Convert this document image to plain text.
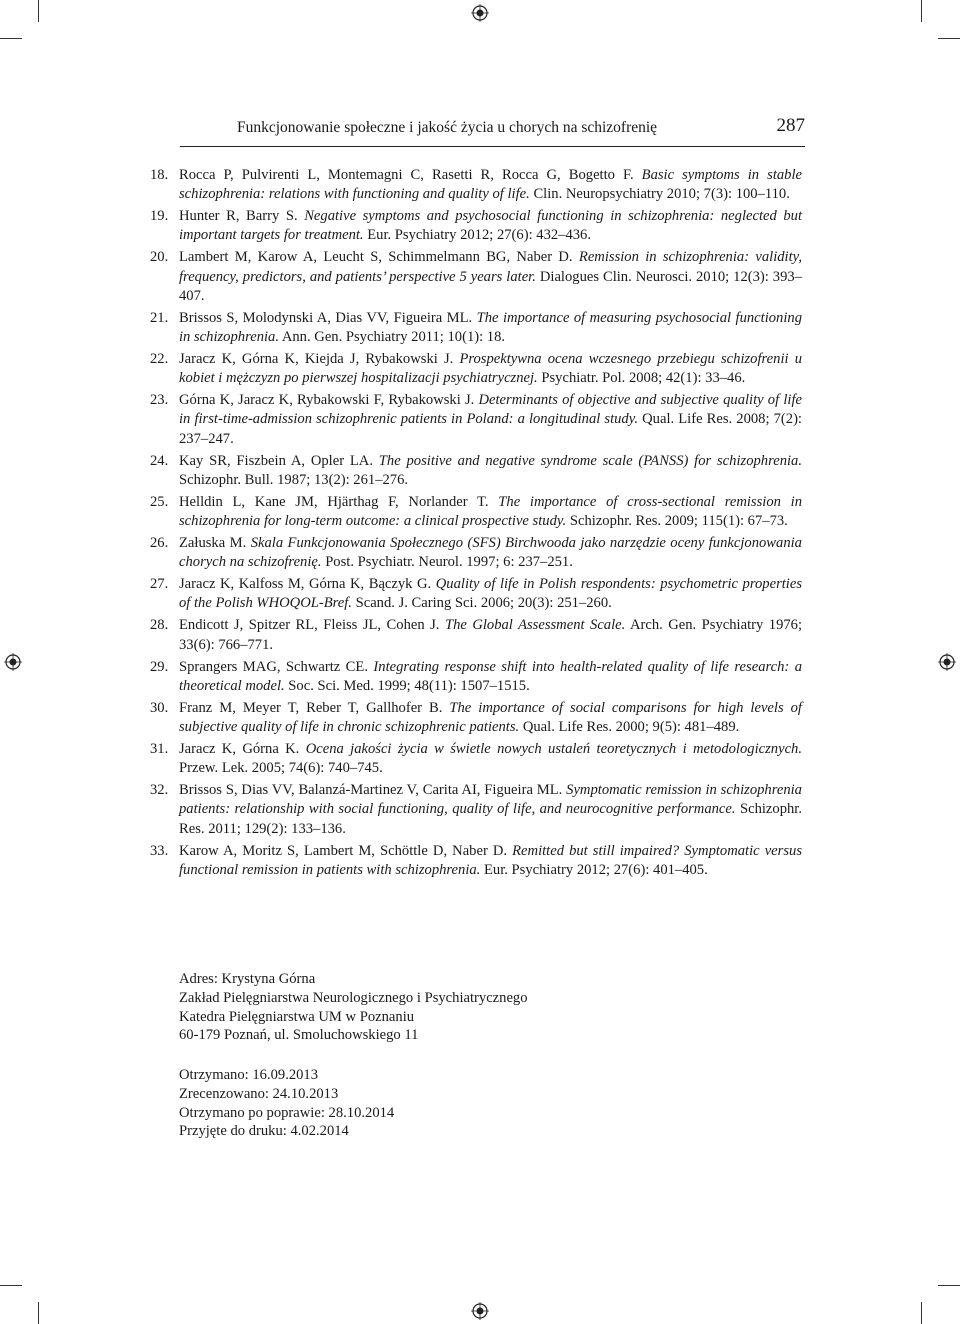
Funkcjonowanie społeczne i jakość życia u chorych na schizofrenię	287
18. Rocca P, Pulvirenti L, Montemagni C, Rasetti R, Rocca G, Bogetto F. Basic symptoms in stable schizophrenia: relations with functioning and quality of life. Clin. Neuropsychiatry 2010; 7(3): 100–110.
19. Hunter R, Barry S. Negative symptoms and psychosocial functioning in schizophrenia: neglected but important targets for treatment. Eur. Psychiatry 2012; 27(6): 432–436.
20. Lambert M, Karow A, Leucht S, Schimmelmann BG, Naber D. Remission in schizophrenia: validity, frequency, predictors, and patients’ perspective 5 years later. Dialogues Clin. Neurosci. 2010; 12(3): 393–407.
21. Brissos S, Molodynski A, Dias VV, Figueira ML. The importance of measuring psychosocial functioning in schizophrenia. Ann. Gen. Psychiatry 2011; 10(1): 18.
22. Jaracz K, Górna K, Kiejda J, Rybakowski J. Prospektywna ocena wczesnego przebiegu schizofrenii u kobiet i mężczyzn po pierwszej hospitalizacji psychiatrycznej. Psychiatr. Pol. 2008; 42(1): 33–46.
23. Górna K, Jaracz K, Rybakowski F, Rybakowski J. Determinants of objective and subjective quality of life in first-time-admission schizophrenic patients in Poland: a longitudinal study. Qual. Life Res. 2008; 7(2): 237–247.
24. Kay SR, Fiszbein A, Opler LA. The positive and negative syndrome scale (PANSS) for schizophrenia. Schizophr. Bull. 1987; 13(2): 261–276.
25. Helldin L, Kane JM, Hjärthag F, Norlander T. The importance of cross-sectional remission in schizophrenia for long-term outcome: a clinical prospective study. Schizophr. Res. 2009; 115(1): 67–73.
26. Załuska M. Skala Funkcjonowania Społecznego (SFS) Birchwooda jako narzędzie oceny funkcjonowania chorych na schizofrenię. Post. Psychiatr. Neurol. 1997; 6: 237–251.
27. Jaracz K, Kalfoss M, Górna K, Bączyk G. Quality of life in Polish respondents: psychometric properties of the Polish WHOQOL-Bref. Scand. J. Caring Sci. 2006; 20(3): 251–260.
28. Endicott J, Spitzer RL, Fleiss JL, Cohen J. The Global Assessment Scale. Arch. Gen. Psychiatry 1976; 33(6): 766–771.
29. Sprangers MAG, Schwartz CE. Integrating response shift into health-related quality of life research: a theoretical model. Soc. Sci. Med. 1999; 48(11): 1507–1515.
30. Franz M, Meyer T, Reber T, Gallhofer B. The importance of social comparisons for high levels of subjective quality of life in chronic schizophrenic patients. Qual. Life Res. 2000; 9(5): 481–489.
31. Jaracz K, Górna K. Ocena jakości życia w świetle nowych ustaleń teoretycznych i metodologicznych. Przew. Lek. 2005; 74(6): 740–745.
32. Brissos S, Dias VV, Balanzá-Martinez V, Carita AI, Figueira ML. Symptomatic remission in schizophrenia patients: relationship with social functioning, quality of life, and neurocognitive performance. Schizophr. Res. 2011; 129(2): 133–136.
33. Karow A, Moritz S, Lambert M, Schöttle D, Naber D. Remitted but still impaired? Symptomatic versus functional remission in patients with schizophrenia. Eur. Psychiatry 2012; 27(6): 401–405.
Adres: Krystyna Górna
Zakład Pielęgniarstwa Neurologicznego i Psychiatrycznego
Katedra Pielęgniarstwa UM w Poznaniu
60-179 Poznań, ul. Smoluchowskiego 11
Otrzymano: 16.09.2013
Zrecenzowano: 24.10.2013
Otrzymano po poprawie: 28.10.2014
Przyjęte do druku: 4.02.2014
